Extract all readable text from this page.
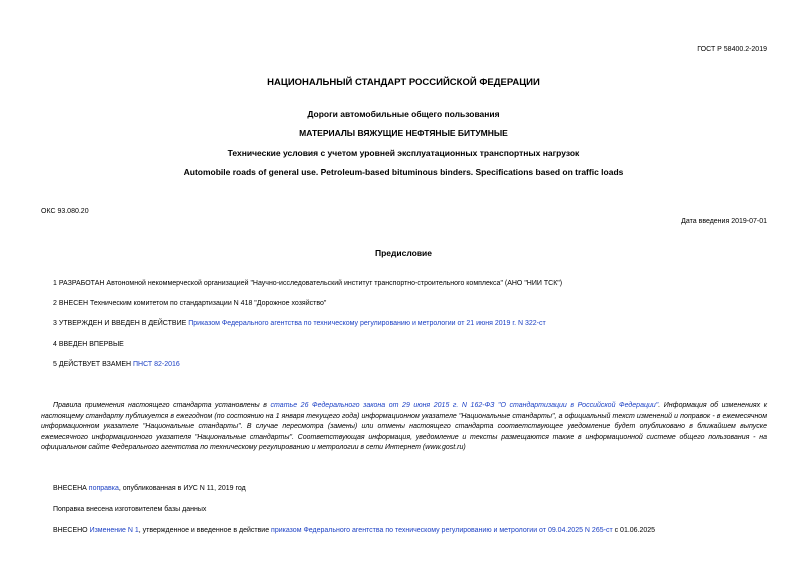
ГОСТ Р 58400.2-2019
НАЦИОНАЛЬНЫЙ СТАНДАРТ РОССИЙСКОЙ ФЕДЕРАЦИИ
Дороги автомобильные общего пользования
МАТЕРИАЛЫ ВЯЖУЩИЕ НЕФТЯНЫЕ БИТУМНЫЕ
Технические условия с учетом уровней эксплуатационных транспортных нагрузок
Automobile roads of general use. Petroleum-based bituminous binders. Specifications based on traffic loads
ОКС 93.080.20
Дата введения 2019-07-01
Предисловие
1 РАЗРАБОТАН Автономной некоммерческой организацией "Научно-исследовательский институт транспортно-строительного комплекса" (АНО "НИИ ТСК")
2 ВНЕСЕН Техническим комитетом по стандартизации N 418 "Дорожное хозяйство"
3 УТВЕРЖДЕН И ВВЕДЕН В ДЕЙСТВИЕ Приказом Федерального агентства по техническому регулированию и метрологии от 21 июня 2019 г. N 322-ст
4 ВВЕДЕН ВПЕРВЫЕ
5 ДЕЙСТВУЕТ ВЗАМЕН ПНСТ 82-2016
Правила применения настоящего стандарта установлены в статье 26 Федерального закона от 29 июня 2015 г. N 162-ФЗ "О стандартизации в Российской Федерации". Информация об изменениях к настоящему стандарту публикуется в ежегодном (по состоянию на 1 января текущего года) информационном указателе "Национальные стандарты", а официальный текст изменений и поправок - в ежемесячном информационном указателе "Национальные стандарты". В случае пересмотра (замены) или отмены настоящего стандарта соответствующее уведомление будет опубликовано в ближайшем выпуске ежемесячного информационного указателя "Национальные стандарты". Соответствующая информация, уведомление и тексты размещаются также в информационной системе общего пользования - на официальном сайте Федерального агентства по техническому регулированию и метрологии в сети Интернет (www.gost.ru)
ВНЕСЕНА поправка, опубликованная в ИУС N 11, 2019 год
Поправка внесена изготовителем базы данных
ВНЕСЕНО Изменение N 1, утвержденное и введенное в действие приказом Федерального агентства по техническому регулированию и метрологии от 09.04.2025 N 265-ст с 01.06.2025
